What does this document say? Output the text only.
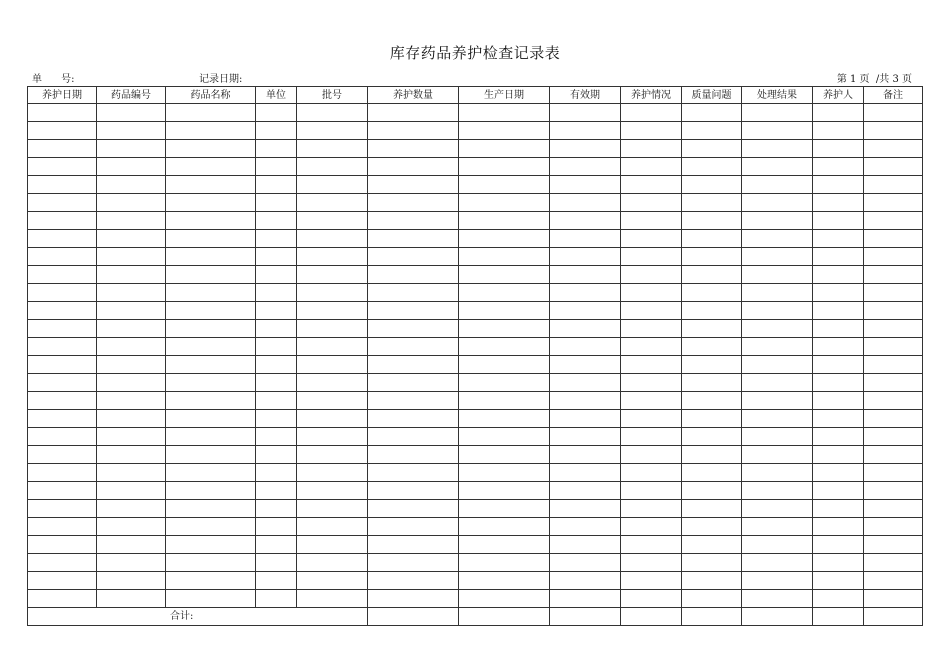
库存药品养护检查记录表
单      号:	记录日期:	第 1 页  /共 3 页
养护日期	药品编号	药品名称	单位	批号	养护数量	生产日期	有效期	养护情况	质量问题	处理结果	养护人	备注

合计:												
